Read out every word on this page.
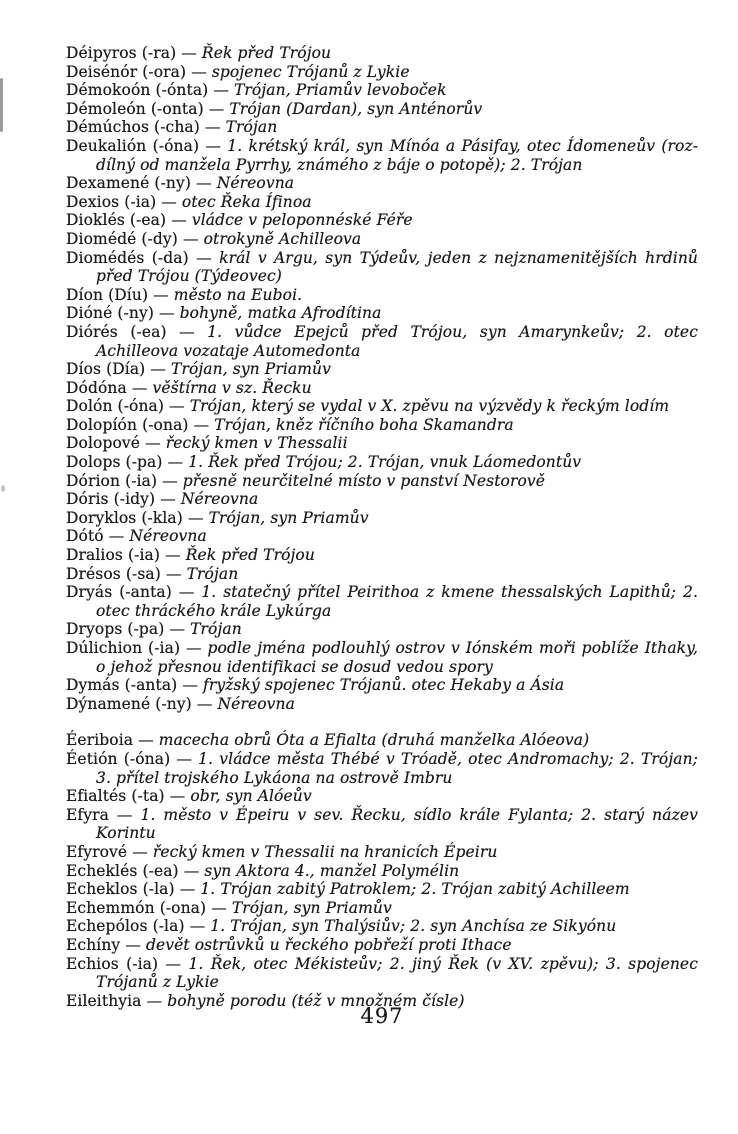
Déipyros (-ra) — Řek před Trójou

Deisénór (-ora) — spojenec Trójanů z Lykie

Démokoón (-ónta) — Trójan, Priamův levoboček

Démoleón (-onta) — Trójan (Dardan), syn Anténorův

Démúchos (-cha) — Trójan

Deukalión (-óna) — 1. krétský král, syn Mínóa a Pásifay, otec Ídomeneův (rozdílný od manžela Pyrrhy, známého z báje o potopě); 2. Trójan

Dexamené (-ny) — Néreovna

Dexios (-ia) — otec Řeka Ífinoa

Dioklés (-ea) — vládce v peloponnéské Féře

Diomédé (-dy) — otrokyně Achilleova

Diomédés (-da) — král v Argu, syn Týdeův, jeden z nejznamenitějších hrdinů před Trójou (Týdeovec)

Díon (Díu) — město na Euboi.

Dióné (-ny) — bohyně, matka Afrodítina

Diórés (-ea) — 1. vůdce Epejců před Trójou, syn Amarynkeův; 2. otec Achilleova vozataje Automedonta

Díos (Día) — Trójan, syn Priamův

Dódóna — věštírna v sz. Řecku

Dolón (-óna) — Trójan, který se vydal v X. zpěvu na výzvědy k řeckým lodím

Dolopíón (-ona) — Trójan, kněz říčního boha Skamandra

Dolopové — řecký kmen v Thessalii

Dolops (-pa) — 1. Řek před Trójou; 2. Trójan, vnuk Láomedontův

Dórion (-ia) — přesně neurčitelné místo v panství Nestorově

Dóris (-idy) — Néreovna

Doryklos (-kla) — Trójan, syn Priamův

Dótó — Néreovna

Dralios (-ia) — Řek před Trójou

Drésos (-sa) — Trójan

Dryás (-anta) — 1. statečný přítel Peirithoa z kmene thessalských Lapithů; 2. otec thráckého krále Lykúrga

Dryops (-pa) — Trójan

Dúlichion (-ia) — podle jména podlouhlý ostrov v Iónském moři poblíže Ithaky, o jehož přesnou identifikaci se dosud vedou spory

Dymás (-anta) — fryžský spojenec Trójanů. otec Hekaby a Ásia

Dýnamené (-ny) — Néreovna

Éeriboia — macecha obrů Óta a Efialta (druhá manželka Alóeova)

Éetión (-óna) — 1. vládce města Thébé v Tróadě, otec Andromachy; 2. Trójan; 3. přítel trojského Lykáona na ostrově Imbru

Efialtés (-ta) — obr, syn Alóeův

Efyra — 1. město v Épeiru v sev. Řecku, sídlo krále Fylanta; 2. starý název Korintu

Efyrové — řecký kmen v Thessalii na hranicích Épeiru

Echeklés (-ea) — syn Aktora 4., manžel Polymélin

Echeklos (-la) — 1. Trójan zabitý Patroklem; 2. Trójan zabitý Achilleem

Echemmón (-ona) — Trójan, syn Priamův

Echepólos (-la) — 1. Trójan, syn Thalýsiův; 2. syn Anchísa ze Sikyónu

Echíny — devět ostrůvků u řeckého pobřeží proti Ithace

Echios (-ia) — 1. Řek, otec Mékisteův; 2. jiný Řek (v XV. zpěvu); 3. spojenec Trójanů z Lykie

Eileithyia — bohyně porodu (též v množném čísle)

497
